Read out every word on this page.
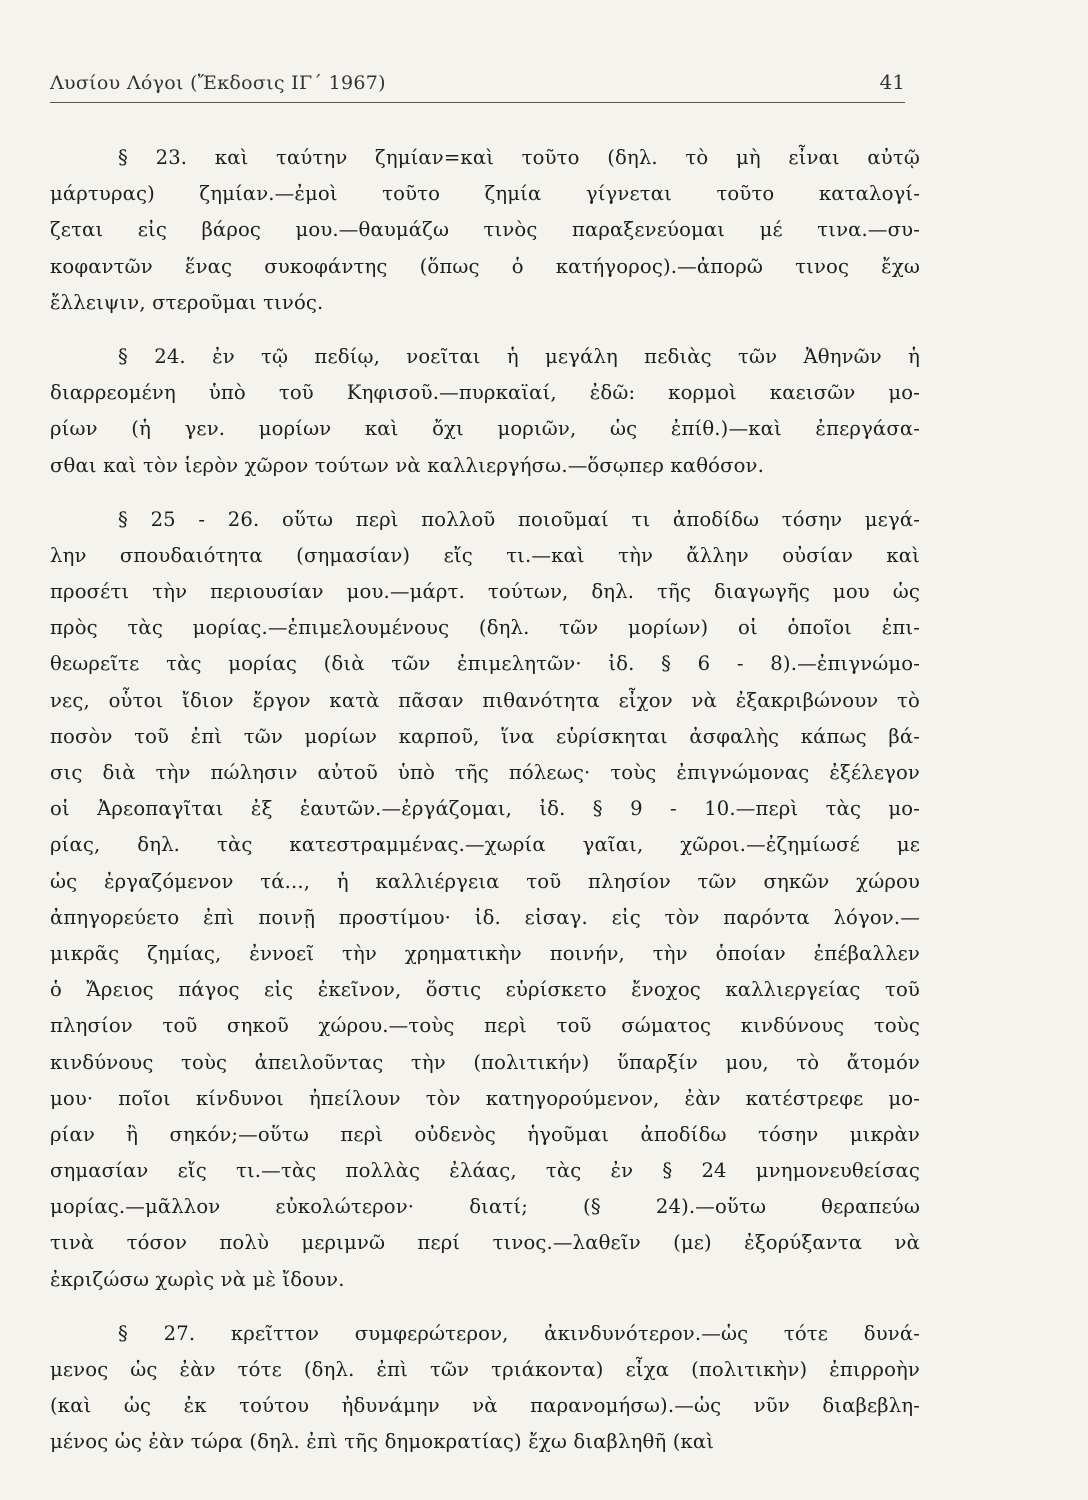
Λυσίου Λόγοι (Ἔκδοσις ΙΓ΄ 1967)	41
§ 23. καὶ ταύτην ζημίαν=καὶ τοῦτο (δηλ. τὸ μὴ εἶναι αὐτῷ
μάρτυρας) ζημίαν.—ἐμοὶ τοῦτο ζημία γίγνεται τοῦτο καταλογί-
ζεται εἰς βάρος μου.—θαυμάζω τινὸς παραξενεύομαι μέ τινα.—συ-
κοφαντῶν ἕνας συκοφάντης (ὅπως ὁ κατήγορος).—ἀπορῶ τινος ἔχω
ἔλλειψιν, στεροῦμαι τινός.
§ 24. ἐν τῷ πεδίῳ, νοεῖται ἡ μεγάλη πεδιὰς τῶν Ἀθηνῶν ἡ
διαρρεομένη ὑπὸ τοῦ Κηφισοῦ.—πυρκαϊαί, ἐδῶ: κορμοὶ καεισῶν μο-
ρίων (ἡ γεν. μορίων καὶ ὄχι μοριῶν, ὡς ἐπίθ.)—καὶ ἐπεργάσα-
σθαι καὶ τὸν ἱερὸν χῶρον τούτων νὰ καλλιεργήσω.—ὅσῳπερ καθόσον.
§ 25 - 26. οὕτω περὶ πολλοῦ ποιοῦμαί τι ἀποδίδω τόσην μεγά-
λην σπουδαιότητα (σημασίαν) εἴς τι.—καὶ τὴν ἄλλην οὐσίαν καὶ
προσέτι τὴν περιουσίαν μου.—μάρτ. τούτων, δηλ. τῆς διαγωγῆς μου ὡς
πρὸς τὰς μορίας.—ἐπιμελουμένους (δηλ. τῶν μορίων) οἱ ὁποῖοι ἐπι-
θεωρεῖτε τὰς μορίας (διὰ τῶν ἐπιμελητῶν· ἰδ. § 6 - 8).—ἐπιγνώμο-
νες, οὗτοι ἴδιον ἔργον κατὰ πᾶσαν πιθανότητα εἶχον νὰ ἐξακριβώνουν τὸ
ποσὸν τοῦ ἐπὶ τῶν μορίων καρποῦ, ἵνα εὑρίσκηται ἀσφαλὴς κάπως βά-
σις διὰ τὴν πώλησιν αὐτοῦ ὑπὸ τῆς πόλεως· τοὺς ἐπιγνώμονας ἐξέλεγον
οἱ Ἀρεοπαγῖται ἐξ ἑαυτῶν.—ἐργάζομαι, ἰδ. § 9 - 10.—περὶ τὰς μο-
ρίας, δηλ. τὰς κατεστραμμένας.—χωρία γαῖαι, χῶροι.—ἐζημίωσέ με
ὡς ἐργαζόμενον τά..., ἡ καλλιέργεια τοῦ πλησίον τῶν σηκῶν χώρου
ἀπηγορεύετο ἐπὶ ποινῇ προστίμου· ἰδ. εἰσαγ. εἰς τὸν παρόντα λόγον.—
μικρᾶς ζημίας, ἐννοεῖ τὴν χρηματικὴν ποινήν, τὴν ὁποίαν ἐπέβαλλεν
ὁ Ἄρειος πάγος εἰς ἐκεῖνον, ὅστις εὑρίσκετο ἔνοχος καλλιεργείας τοῦ
πλησίον τοῦ σηκοῦ χώρου.—τοὺς περὶ τοῦ σώματος κινδύνους τοὺς
κινδύνους τοὺς ἀπειλοῦντας τὴν (πολιτικήν) ὕπαρξίν μου, τὸ ἄτομόν
μου· ποῖοι κίνδυνοι ἠπείλουν τὸν κατηγορούμενον, ἐὰν κατέστρεφε μο-
ρίαν ἢ σηκόν;—οὕτω περὶ οὐδενὸς ἡγοῦμαι ἀποδίδω τόσην μικρὰν
σημασίαν εἴς τι.—τὰς πολλὰς ἐλάας, τὰς ἐν § 24 μνημονευθείσας
μορίας.—μᾶλλον εὐκολώτερον· διατί; (§ 24).—οὕτω θεραπεύω
τινὰ τόσον πολὺ μεριμνῶ περί τινος.—λαθεῖν (με) ἐξορύξαντα νὰ
ἐκριζώσω χωρὶς νὰ μὲ ἴδουν.
§ 27. κρεῖττον συμφερώτερον, ἀκινδυνότερον.—ὡς τότε δυνά-
μενος ὡς ἐὰν τότε (δηλ. ἐπὶ τῶν τριάκοντα) εἶχα (πολιτικὴν) ἐπιρροὴν
(καὶ ὡς ἐκ τούτου ἠδυνάμην νὰ παρανομήσω).—ὡς νῦν διαβεβλη-
μένος ὡς ἐὰν τώρα (δηλ. ἐπὶ τῆς δημοκρατίας) ἔχω διαβληθῆ (καὶ
